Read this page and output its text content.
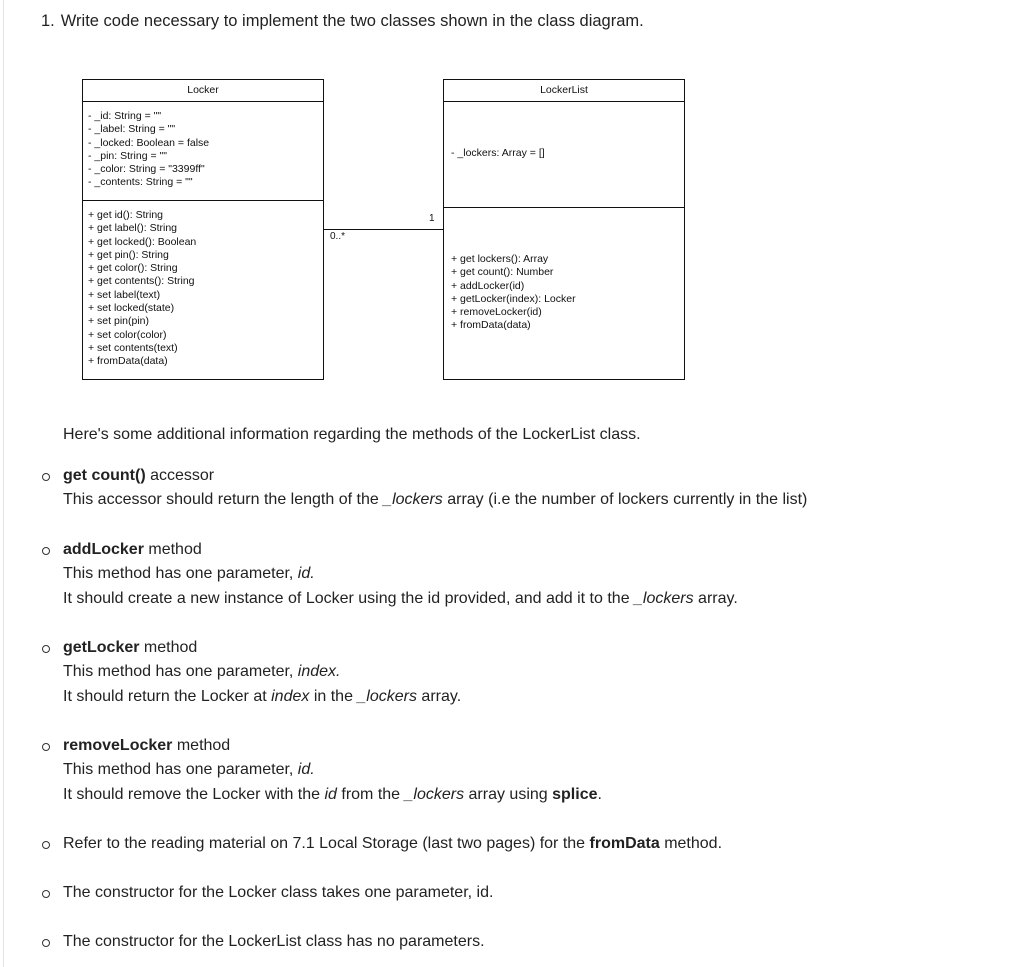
1. Write code necessary to implement the two classes shown in the class diagram.
Locker
- _id: String = ""
- _label: String = ""
- _locked: Boolean = false
- _pin: String = ""
- _color: String = "3399ff"
- _contents: String = ""
+ get id(): String
+ get label(): String
+ get locked(): Boolean
+ get pin(): String
+ get color(): String
+ get contents(): String
+ set label(text)
+ set locked(state)
+ set pin(pin)
+ set color(color)
+ set contents(text)
+ fromData(data)
LockerList
- _lockers: Array = []
+ get lockers(): Array
+ get count(): Number
+ addLocker(id)
+ getLocker(index): Locker
+ removeLocker(id)
+ fromData(data)
0..*
1
Here's some additional information regarding the methods of the LockerList class.
get count() accessor
This accessor should return the length of the _lockers array (i.e the number of lockers currently in the list)
addLocker method
This method has one parameter, id.
It should create a new instance of Locker using the id provided, and add it to the _lockers array.
getLocker method
This method has one parameter, index.
It should return the Locker at index in the _lockers array.
removeLocker method
This method has one parameter, id.
It should remove the Locker with the id from the _lockers array using splice.
Refer to the reading material on 7.1 Local Storage (last two pages) for the fromData method.
The constructor for the Locker class takes one parameter, id.
The constructor for the LockerList class has no parameters.
